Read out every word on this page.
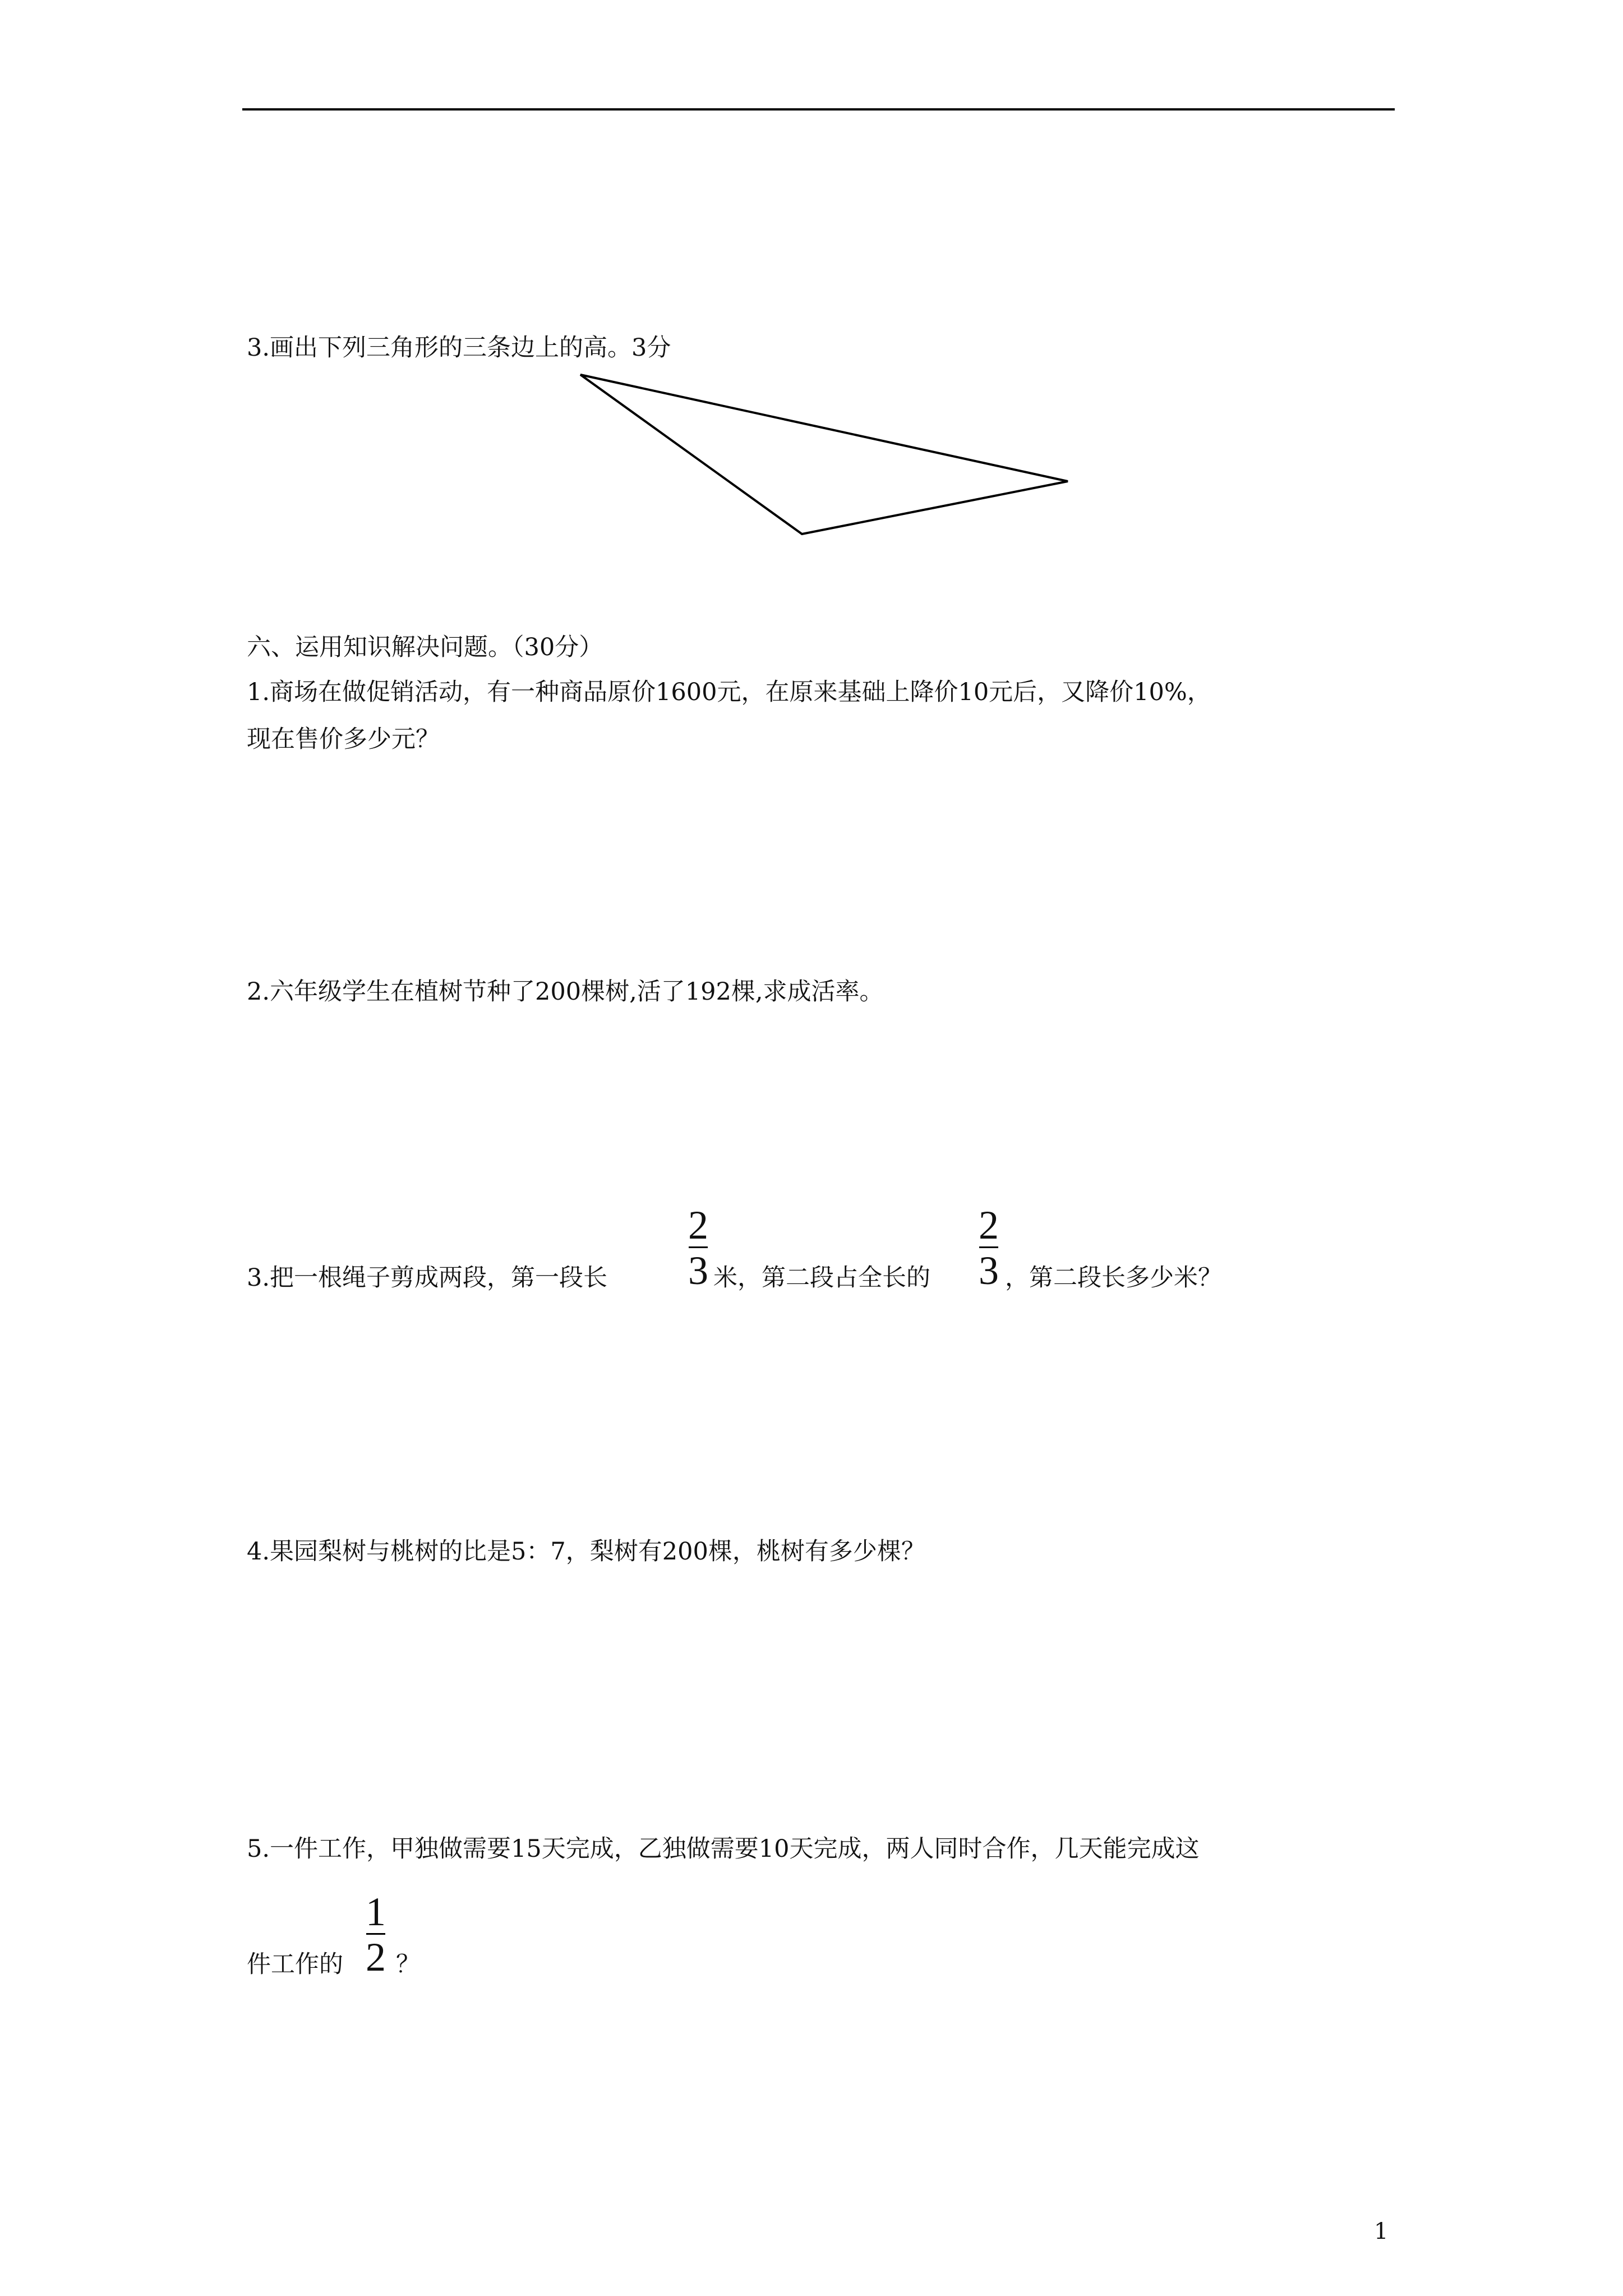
3.画出下列三角形的三条边上的高。3分
六、运用知识解决问题。（30分）
1.商场在做促销活动，有一种商品原价1600元，在原来基础上降价10元后，又降价10%，
现在售价多少元？
2.六年级学生在植树节种了200棵树,活了192棵,求成活率。
3.把一根绳子剪成两段，第一段长
2
3 米，第二段占全长的
2
3 ，第二段长多少米？
4.果园梨树与桃树的比是5：7，梨树有200棵，桃树有多少棵？
5.一件工作，甲独做需要15天完成，乙独做需要10天完成，两人同时合作，几天能完成这
件工作的
1
2 ？
1
